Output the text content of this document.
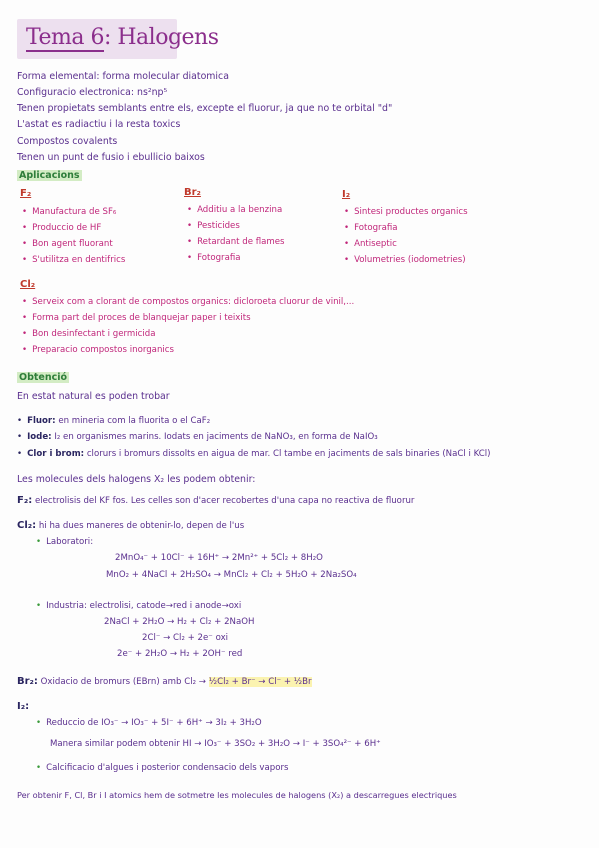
Tema 6: Halogens
Forma elemental: forma molecular diatomica
Configuracio electronica: ns²np⁵
Tenen propietats semblants entre els, excepte el fluorur, ja que no te orbital "d"
L'astat es radiactiu i la resta toxics
Compostos covalents
Tenen un punt de fusio i ebullicio baixos
Aplicacions
F₂
• Manufactura de SF₆
• Produccio de HF
• Bon agent fluorant
• S'utilitza en dentifrics
Br₂
• Additiu a la benzina
• Pesticides
• Retardant de flames
• Fotografia
I₂
• Sintesi productes organics
• Fotografia
• Antiseptic
• Volumetries (iodometries)
Cl₂
• Serveix com a clorant de compostos organics: dicloroeta cluorur de vinil,...
• Forma part del proces de blanquejar paper i teixits
• Bon desinfectant i germicida
• Preparacio compostos inorganics
Obtenció
En estat natural es poden trobar
• Fluor: en mineria com la fluorita o el CaF₂
• Iode: I₂ en organismes marins. Iodats en jaciments de NaNO₃, en forma de NaIO₃
• Clor i brom: clorurs i bromurs dissolts en aigua de mar. Cl tambe en jaciments de sals binaries (NaCl i KCl)
Les molecules dels halogens X₂ les podem obtenir:
F₂: electrolisis del KF fos. Les celles son d'acer recobertes d'una capa no reactiva de fluorur
Cl₂: hi ha dues maneres de obtenir-lo, depen de l'us
• Laboratori:
2MnO₄⁻ + 10Cl⁻ + 16H⁺ → 2Mn²⁺ + 5Cl₂ + 8H₂O
MnO₂ + 4NaCl + 2H₂SO₄ → MnCl₂ + Cl₂ + 5H₂O + 2Na₂SO₄
• Industria: electrolisi, catode→red i anode→oxi
2NaCl + 2H₂O → H₂ + Cl₂ + 2NaOH
2Cl⁻ → Cl₂ + 2e⁻ oxi
2e⁻ + 2H₂O → H₂ + 2OH⁻ red
Br₂: Oxidacio de bromurs (EBrn) amb Cl₂ → ½Cl₂ + Br⁻ → Cl⁻ + ½Br
I₂:
• Reduccio de IO₃⁻ → IO₃⁻ + 5I⁻ + 6H⁺ → 3I₂ + 3H₂O
Manera similar podem obtenir HI → IO₃⁻ + 3SO₂ + 3H₂O → I⁻ + 3SO₄²⁻ + 6H⁺
• Calcificacio d'algues i posterior condensacio dels vapors
Per obtenir F, Cl, Br i I atomics hem de sotmetre les molecules de halogens (X₂) a descarregues electriques
